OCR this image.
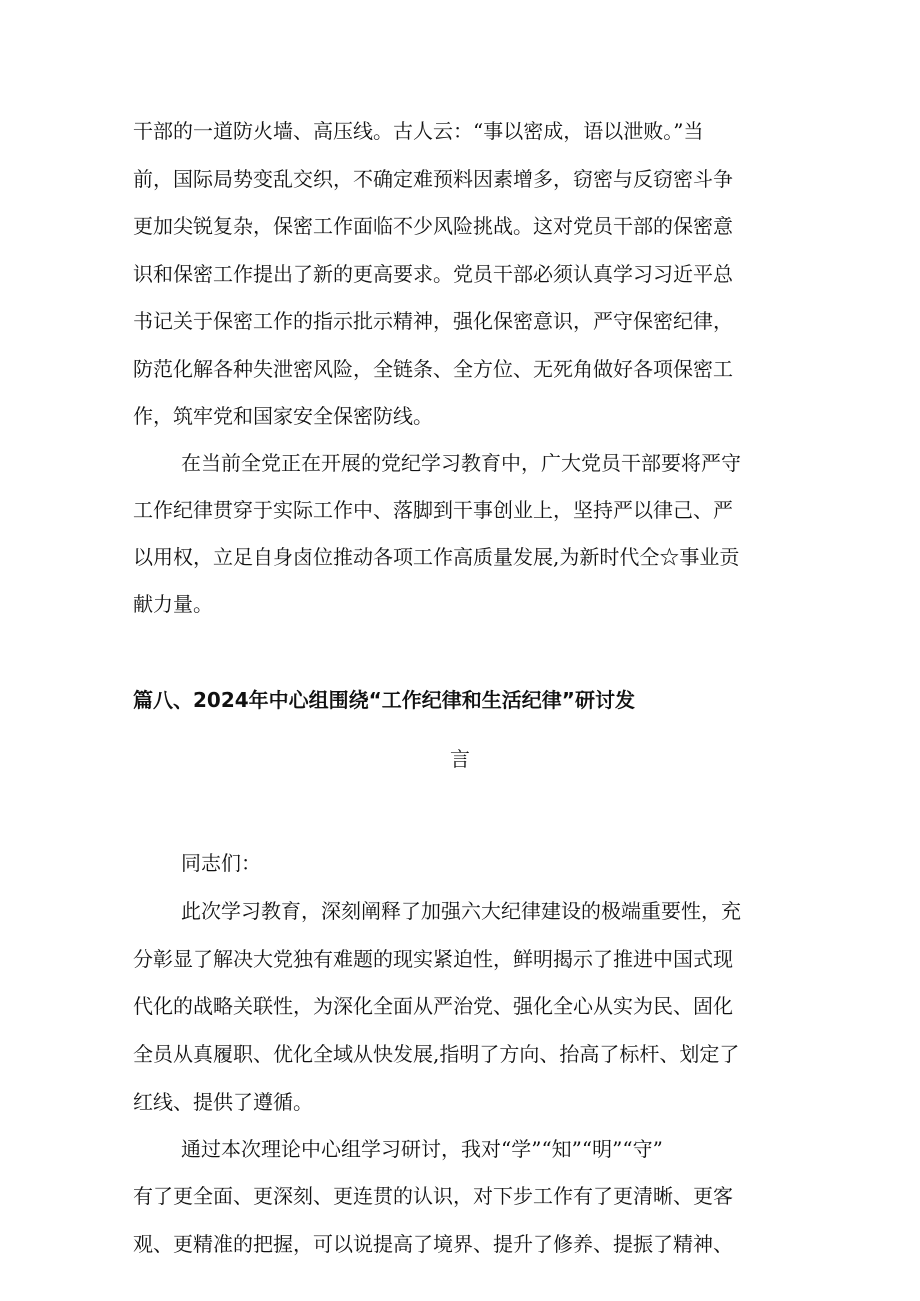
干部的一道防火墙、高压线。古人云：“事以密成，语以泄败。”当
前，国际局势变乱交织，不确定难预料因素增多，窃密与反窃密斗争
更加尖锐复杂，保密工作面临不少风险挑战。这对党员干部的保密意
识和保密工作提出了新的更高要求。党员干部必须认真学习习近平总
书记关于保密工作的指示批示精神，强化保密意识，严守保密纪律，
防范化解各种失泄密风险，全链条、全方位、无死角做好各项保密工
作，筑牢党和国家安全保密防线。
在当前全党正在开展的党纪学习教育中，广大党员干部要将严守
工作纪律贯穿于实际工作中、落脚到干事创业上，坚持严以律己、严
以用权，立足自身卤位推动各项工作高质量发展,为新时代仝☆事业贡
献力量。
篇八、2024年中心组围绕“工作纪律和生活纪律”研讨发
言
同志们：
此次学习教育，深刻阐释了加强六大纪律建设的极端重要性，充
分彰显了解决大党独有难题的现实紧迫性，鲜明揭示了推进中国式现
代化的战略关联性，为深化全面从严治党、强化全心从实为民、固化
全员从真履职、优化全域从快发展,指明了方向、抬高了标杆、划定了
红线、提供了遵循。
通过本次理论中心组学习研讨，我对“学”“知”“明”“守”
有了更全面、更深刻、更连贯的认识，对下步工作有了更清晰、更客
观、更精准的把握，可以说提高了境界、提升了修养、提振了精神、
